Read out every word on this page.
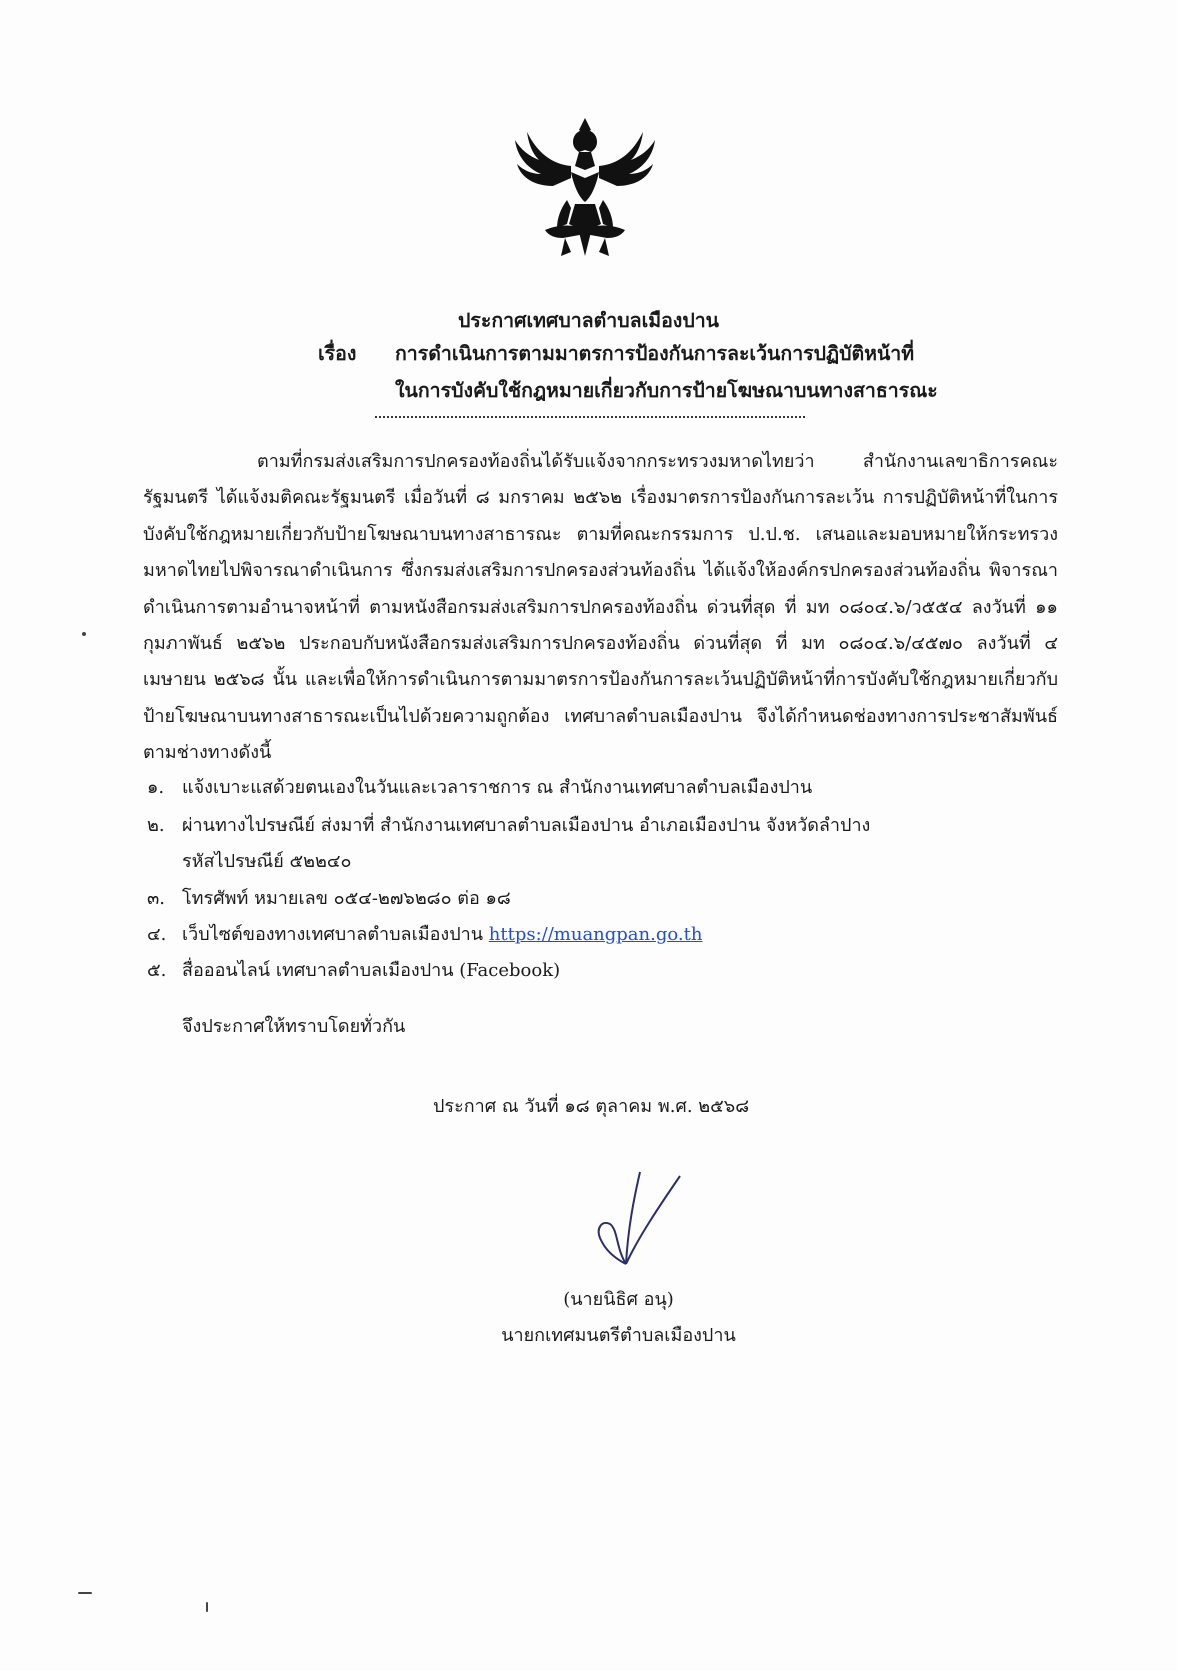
ประกาศเทศบาลตำบลเมืองปาน
เรื่อง การดำเนินการตามมาตรการป้องกันการละเว้นการปฏิบัติหน้าที่
ในการบังคับใช้กฎหมายเกี่ยวกับการป้ายโฆษณาบนทางสาธารณะ

ตามที่กรมส่งเสริมการปกครองท้องถิ่นได้รับแจ้งจากกระทรวงมหาดไทยว่า สำนักงานเลขาธิการคณะรัฐมนตรี ได้แจ้งมติคณะรัฐมนตรี เมื่อวันที่ ๘ มกราคม ๒๕๖๒ เรื่องมาตรการป้องกันการละเว้น การปฏิบัติหน้าที่ในการบังคับใช้กฎหมายเกี่ยวกับป้ายโฆษณาบนทางสาธารณะ ตามที่คณะกรรมการ ป.ป.ช. เสนอและมอบหมายให้กระทรวงมหาดไทยไปพิจารณาดำเนินการ ซึ่งกรมส่งเสริมการปกครองส่วนท้องถิ่น ได้แจ้งให้องค์กรปกครองส่วนท้องถิ่น พิจารณาดำเนินการตามอำนาจหน้าที่ ตามหนังสือกรมส่งเสริมการปกครองท้องถิ่น ด่วนที่สุด ที่ มท ๐๘๐๔.๖/ว๕๕๔ ลงวันที่ ๑๑ กุมภาพันธ์ ๒๕๖๒ ประกอบกับหนังสือกรมส่งเสริมการปกครองท้องถิ่น ด่วนที่สุด ที่ มท ๐๘๐๔.๖/๔๕๗๐ ลงวันที่ ๔ เมษายน ๒๕๖๘ นั้น และเพื่อให้การดำเนินการตามมาตรการป้องกันการละเว้นปฏิบัติหน้าที่การบังคับใช้กฎหมายเกี่ยวกับป้ายโฆษณาบนทางสาธารณะเป็นไปด้วยความถูกต้อง เทศบาลตำบลเมืองปาน จึงได้กำหนดช่องทางการประชาสัมพันธ์ตามช่างทางดังนี้

๑. แจ้งเบาะแสด้วยตนเองในวันและเวลาราชการ ณ สำนักงานเทศบาลตำบลเมืองปาน
๒. ผ่านทางไปรษณีย์ ส่งมาที่ สำนักงานเทศบาลตำบลเมืองปาน อำเภอเมืองปาน จังหวัดลำปาง
รหัสไปรษณีย์ ๕๒๒๔๐
๓. โทรศัพท์ หมายเลข ๐๕๔-๒๗๖๒๘๐ ต่อ ๑๘
๔. เว็บไซต์ของทางเทศบาลตำบลเมืองปาน https://muangpan.go.th
๕. สื่อออนไลน์ เทศบาลตำบลเมืองปาน (Facebook)
จึงประกาศให้ทราบโดยทั่วกัน
ประกาศ ณ วันที่ ๑๘ ตุลาคม พ.ศ. ๒๕๖๘
(นายนิธิศ อนุ)
นายกเทศมนตรีตำบลเมืองปาน
